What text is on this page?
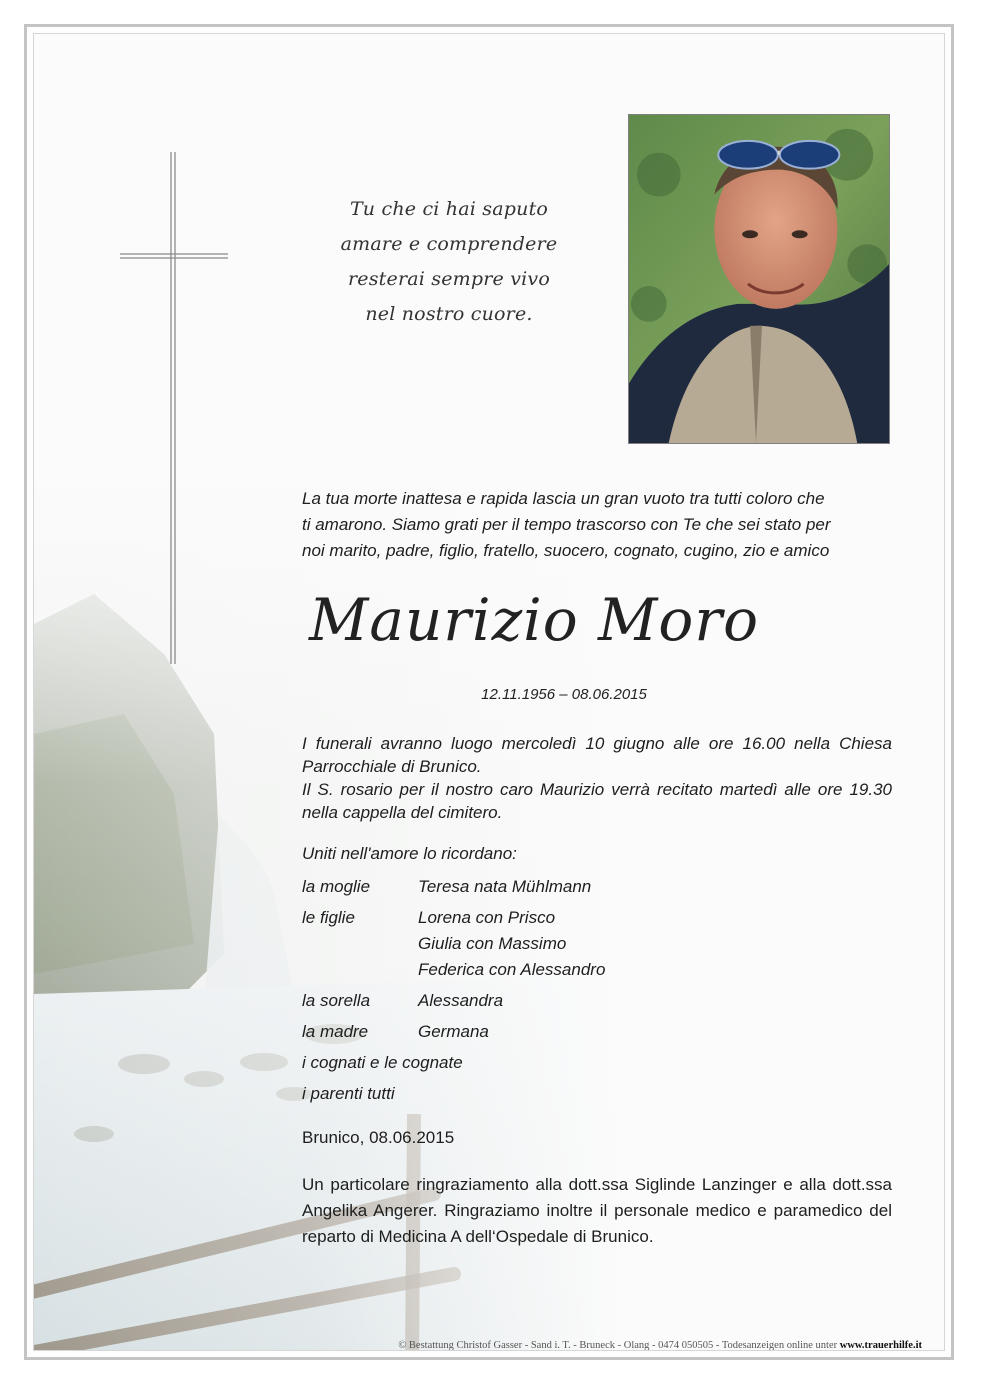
Tu che ci hai saputo
amare e comprendere
resterai sempre vivo
nel nostro cuore.
La tua morte inattesa e rapida lascia un gran vuoto tra tutti coloro che
ti amarono. Siamo grati per il tempo trascorso con Te che sei stato per
noi marito, padre, figlio, fratello, suocero, cognato, cugino, zio e amico
Maurizio Moro
12.11.1956 – 08.06.2015

I funerali avranno luogo mercoledì 10 giugno alle ore 16.00 nella Chiesa Parrocchiale di Brunico.

Il S. rosario per il nostro caro Maurizio verrà recitato martedì alle ore 19.30 nella cappella del cimitero.

Uniti nell'amore lo ricordano:
la moglie	Teresa nata Mühlmann
le figlie	Lorena con Prisco
Giulia con Massimo
Federica con Alessandro
la sorella	Alessandra
la madre	Germana
i cognati e le cognate
i parenti tutti
Brunico, 08.06.2015
Un particolare ringraziamento alla dott.ssa Siglinde Lanzinger e alla dott.ssa Angelika Angerer. Ringraziamo inoltre il personale medico e paramedico del reparto di Medicina A dell‘Ospedale di Brunico.
© Bestattung Christof Gasser - Sand i. T. - Bruneck - Olang - 0474 050505 - Todesanzeigen online unter www.trauerhilfe.it
